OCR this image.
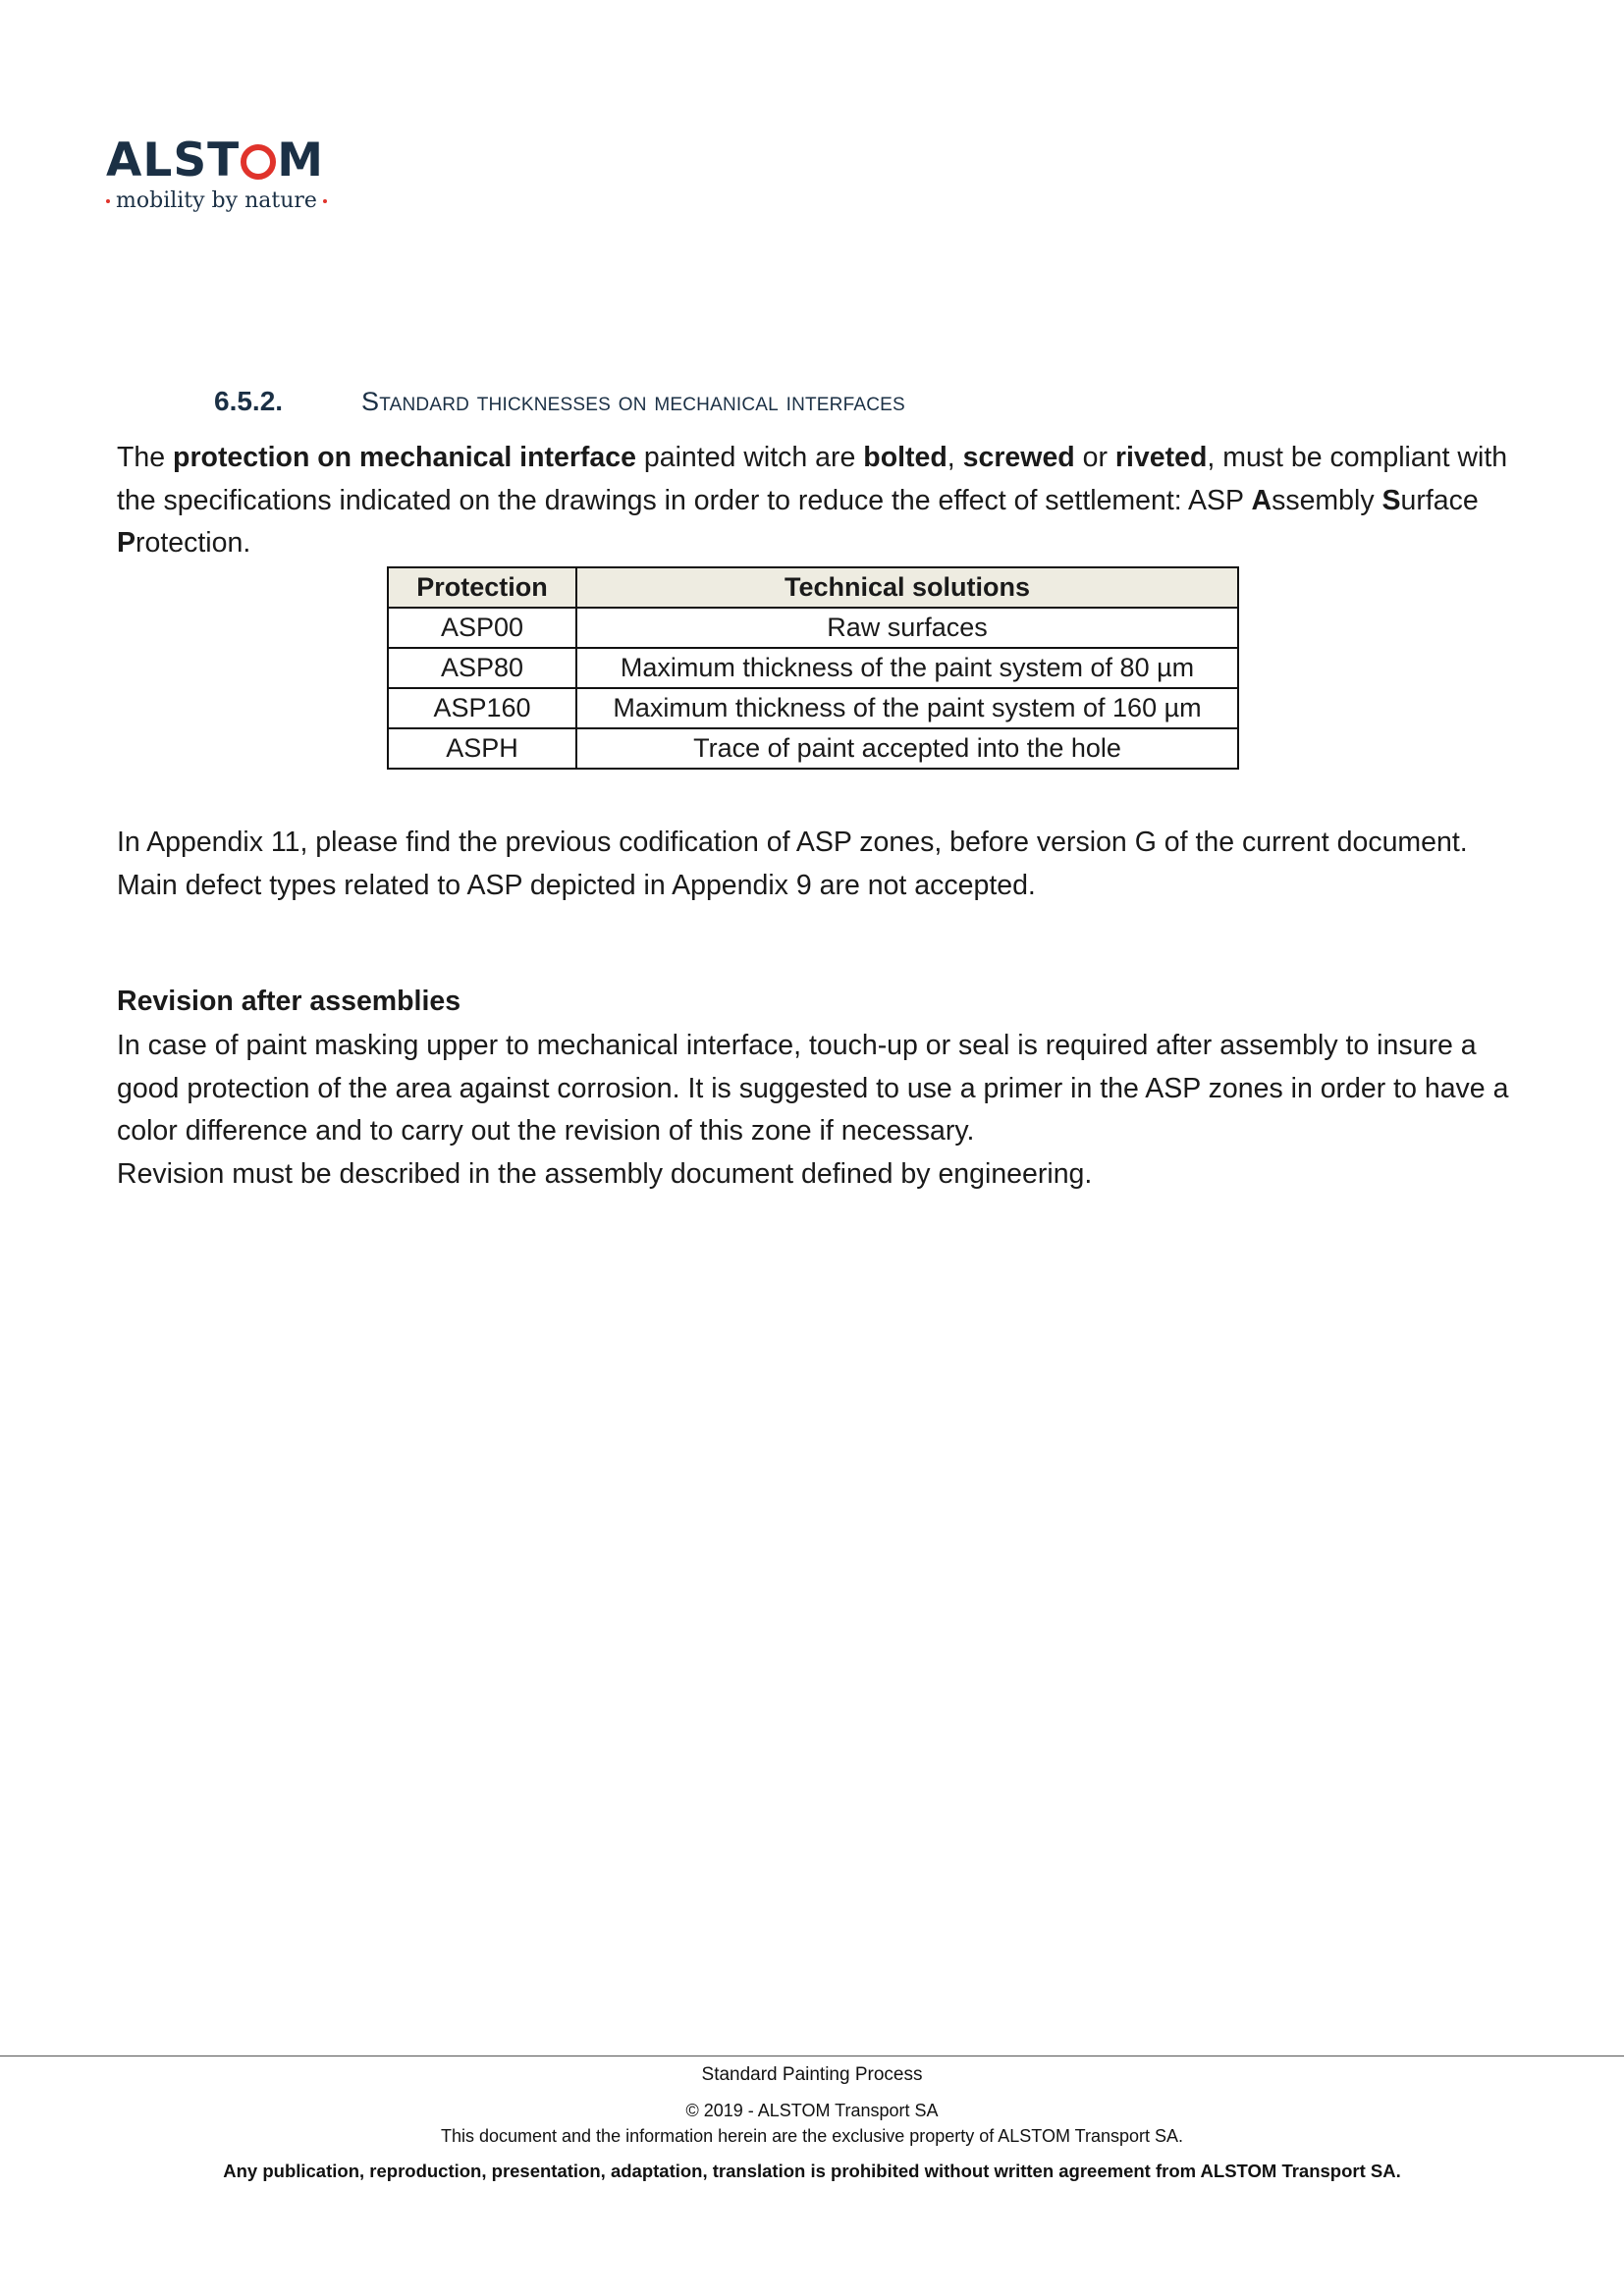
ALST M
mobility by nature
6.5.2.	Standard thicknesses on mechanical interfaces
The protection on mechanical interface painted witch are bolted, screwed or riveted, must be compliant with the specifications indicated on the drawings in order to reduce the effect of settlement: ASP Assembly Surface Protection.
Protection	Technical solutions
ASP00	Raw surfaces
ASP80	Maximum thickness of the paint system of 80 µm
ASP160	Maximum thickness of the paint system of 160 µm
ASPH	Trace of paint accepted into the hole
In Appendix 11, please find the previous codification of ASP zones, before version G of the current document.
Main defect types related to ASP depicted in Appendix 9 are not accepted.
Revision after assemblies
In case of paint masking upper to mechanical interface, touch-up or seal is required after assembly to insure a good protection of the area against corrosion. It is suggested to use a primer in the ASP zones in order to have a color difference and to carry out the revision of this zone if necessary.
Revision must be described in the assembly document defined by engineering.
Standard Painting Process
© 2019 - ALSTOM Transport SA
This document and the information herein are the exclusive property of ALSTOM Transport SA.
Any publication, reproduction, presentation, adaptation, translation is prohibited without written agreement from ALSTOM Transport SA.
